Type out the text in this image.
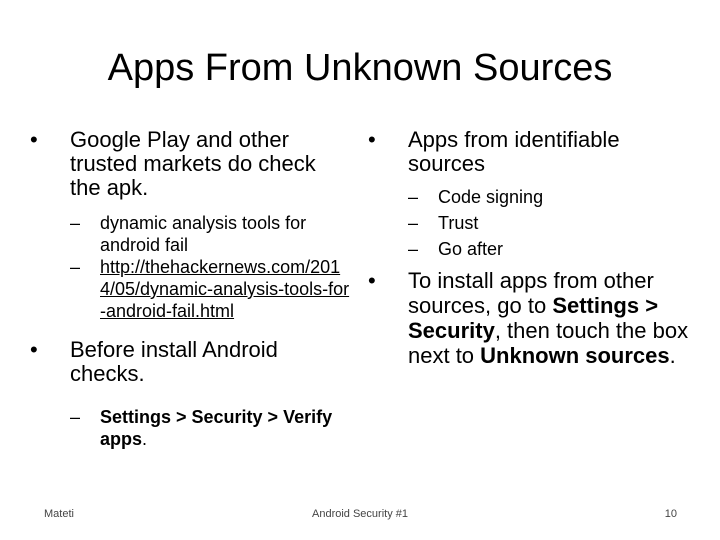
Apps From Unknown Sources
•	Google Play and other trusted markets do check the apk.
– dynamic analysis tools for android fail
– http://thehackernews.com/2014/05/dynamic-analysis-tools-for-android-fail.html
•	Before install Android checks.
– Settings > Security > Verify apps.
•	Apps from identifiable sources
– Code signing
– Trust
– Go after
•	To install apps from other sources, go to Settings > Security, then touch the box next to Unknown sources.
Mateti	Android Security #1	10
